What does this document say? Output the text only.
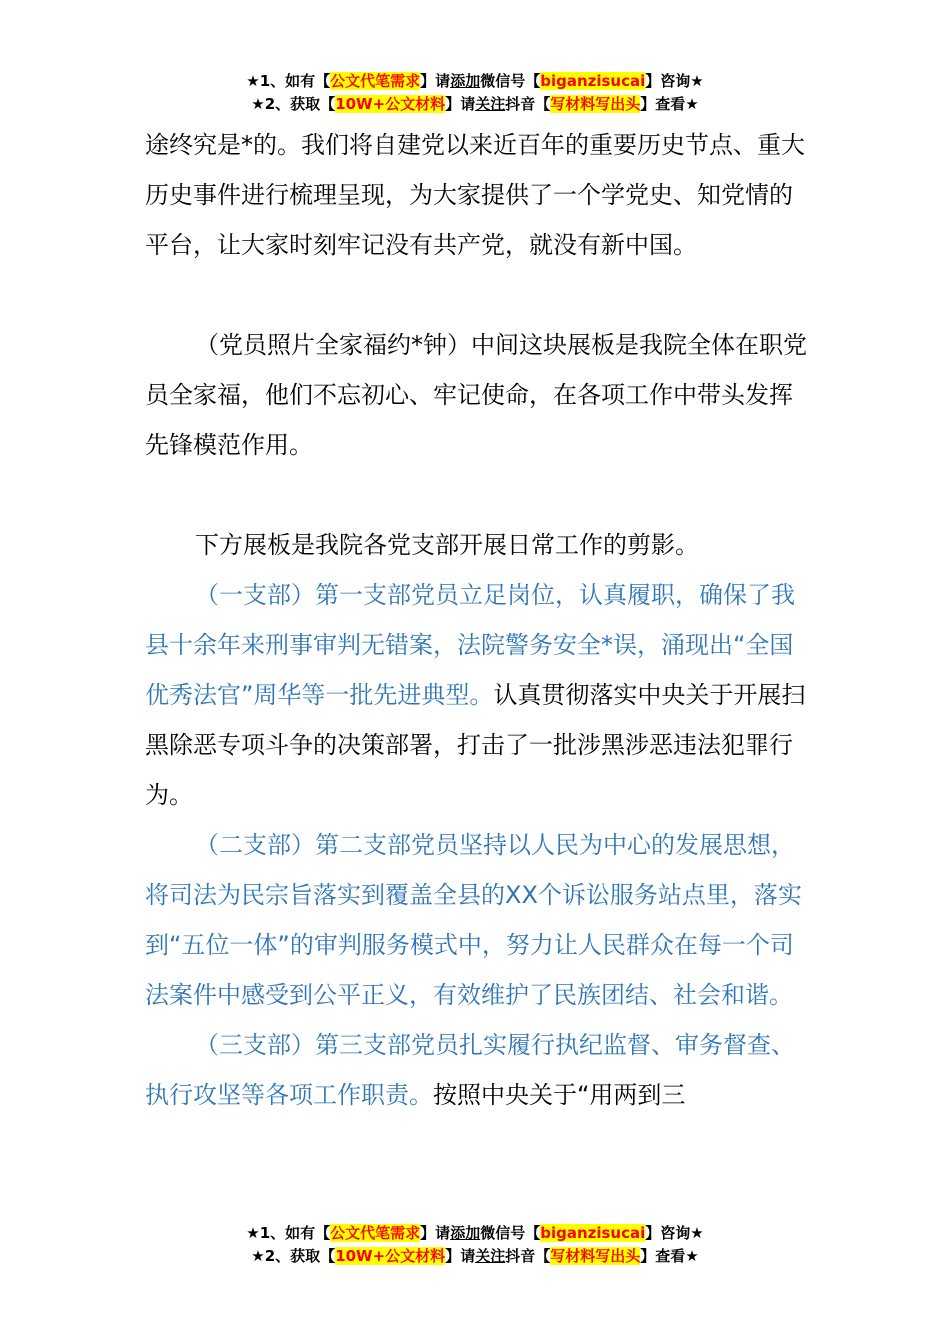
★1、如有【公文代笔需求】请添加微信号【biganzisucai】咨询★
★2、获取【10W+公文材料】请关注抖音【写材料写出头】查看★

途终究是*的。我们将自建党以来近百年的重要历史节点、重大历史事件进行梳理呈现，为大家提供了一个学党史、知党情的平台，让大家时刻牢记没有共产党，就没有新中国。

（党员照片全家福约*钟）中间这块展板是我院全体在职党员全家福，他们不忘初心、牢记使命，在各项工作中带头发挥先锋模范作用。

下方展板是我院各党支部开展日常工作的剪影。

（一支部）第一支部党员立足岗位，认真履职，确保了我县十余年来刑事审判无错案，法院警务安全*误，涌现出“全国优秀法官”周华等一批先进典型。认真贯彻落实中央关于开展扫黑除恶专项斗争的决策部署，打击了一批涉黑涉恶违法犯罪行为。

（二支部）第二支部党员坚持以人民为中心的发展思想，将司法为民宗旨落实到覆盖全县的XX个诉讼服务站点里，落实到“五位一体”的审判服务模式中，努力让人民群众在每一个司法案件中感受到公平正义，有效维护了民族团结、社会和谐。

（三支部）第三支部党员扎实履行执纪监督、审务督查、执行攻坚等各项工作职责。按照中央关于“用两到三

★1、如有【公文代笔需求】请添加微信号【biganzisucai】咨询★
★2、获取【10W+公文材料】请关注抖音【写材料写出头】查看★
